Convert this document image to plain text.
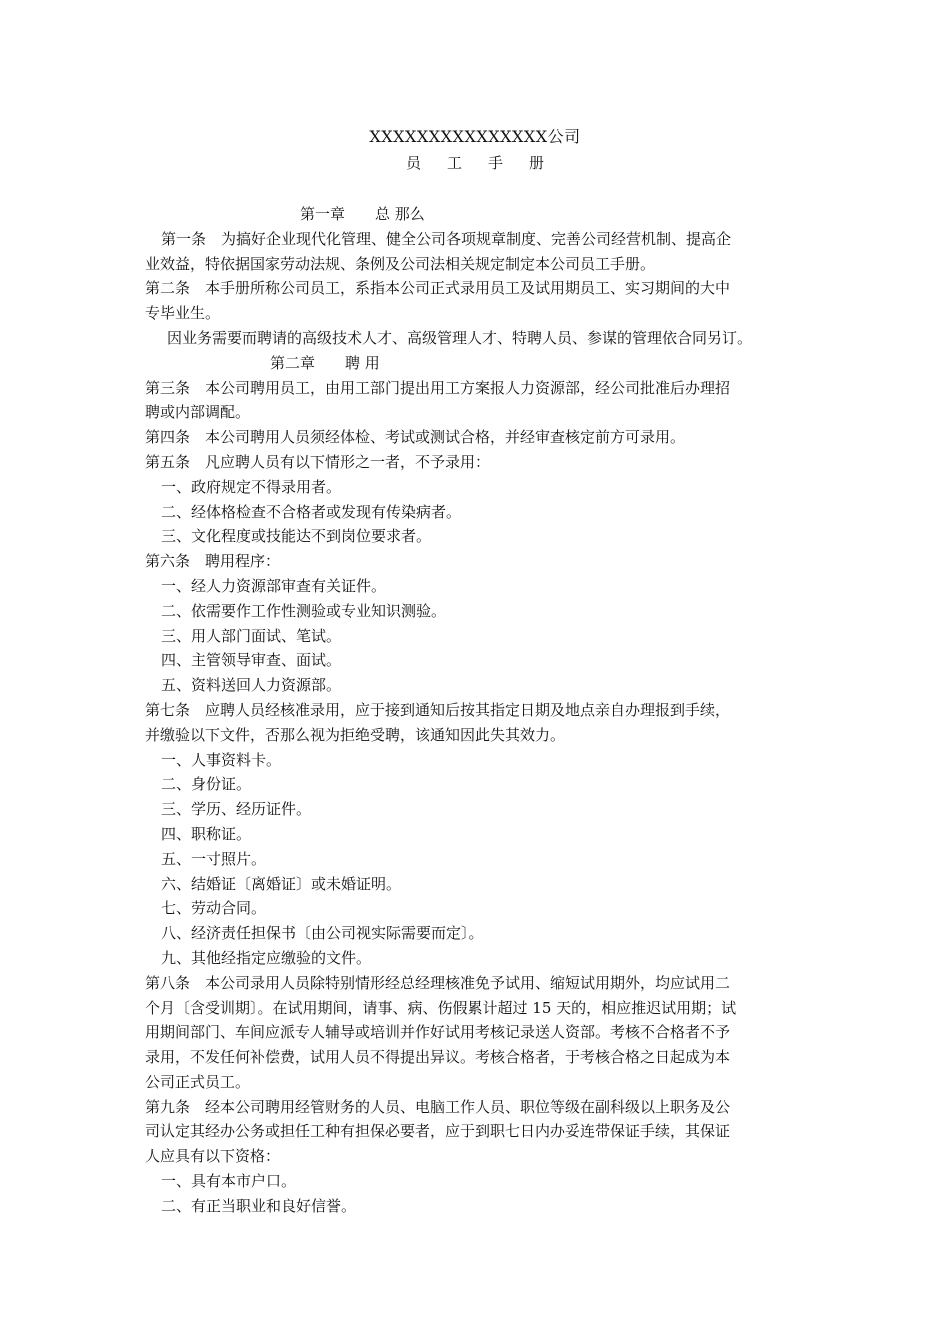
XXXXXXXXXXXXXXX公司
员 工 手 册
第一章　　总 那么
第一条　为搞好企业现代化管理、健全公司各项规章制度、完善公司经营机制、提高企
业效益，特依据国家劳动法规、条例及公司法相关规定制定本公司员工手册。
第二条　本手册所称公司员工，系指本公司正式录用员工及试用期员工、实习期间的大中
专毕业生。
因业务需要而聘请的高级技术人才、高级管理人才、特聘人员、参谋的管理依合同另订。
第二章　　聘 用
第三条　本公司聘用员工，由用工部门提出用工方案报人力资源部，经公司批准后办理招
聘或内部调配。
第四条　本公司聘用人员须经体检、考试或测试合格，并经审查核定前方可录用。
第五条　凡应聘人员有以下情形之一者，不予录用：
一、政府规定不得录用者。
二、经体格检查不合格者或发现有传染病者。
三、文化程度或技能达不到岗位要求者。
第六条　聘用程序：
一、经人力资源部审查有关证件。
二、依需要作工作性测验或专业知识测验。
三、用人部门面试、笔试。
四、主管领导审查、面试。
五、资料送回人力资源部。
第七条　应聘人员经核准录用，应于接到通知后按其指定日期及地点亲自办理报到手续，
并缴验以下文件，否那么视为拒绝受聘，该通知因此失其效力。
一、人事资料卡。
二、身份证。
三、学历、经历证件。
四、职称证。
五、一寸照片。
六、结婚证〔离婚证〕或未婚证明。
七、劳动合同。
八、经济责任担保书〔由公司视实际需要而定〕。
九、其他经指定应缴验的文件。
第八条　本公司录用人员除特别情形经总经理核准免予试用、缩短试用期外，均应试用二
个月〔含受训期〕。在试用期间，请事、病、伤假累计超过 15 天的，相应推迟试用期；试
用期间部门、车间应派专人辅导或培训并作好试用考核记录送人资部。考核不合格者不予
录用，不发任何补偿费，试用人员不得提出异议。考核合格者，于考核合格之日起成为本
公司正式员工。
第九条　经本公司聘用经管财务的人员、电脑工作人员、职位等级在副科级以上职务及公
司认定其经办公务或担任工种有担保必要者，应于到职七日内办妥连带保证手续，其保证
人应具有以下资格：
一、具有本市户口。
二、有正当职业和良好信誉。
